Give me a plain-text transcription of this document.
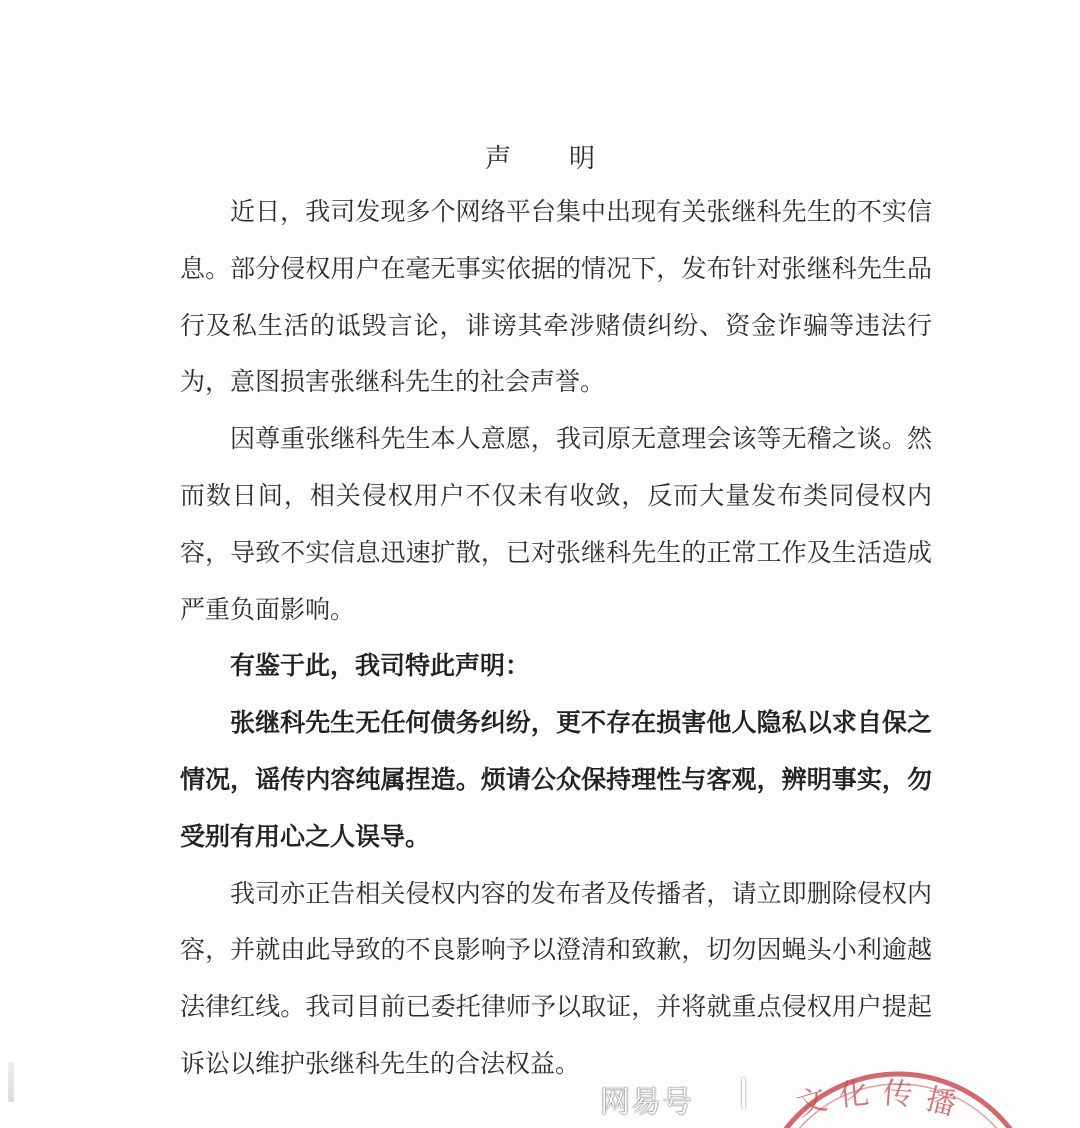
声 明

近日，我司发现多个网络平台集中出现有关张继科先生的不实信息。部分侵权用户在毫无事实依据的情况下，发布针对张继科先生品行及私生活的诋毁言论，诽谤其牵涉赌债纠纷、资金诈骗等违法行为，意图损害张继科先生的社会声誉。

因尊重张继科先生本人意愿，我司原无意理会该等无稽之谈。然而数日间，相关侵权用户不仅未有收敛，反而大量发布类同侵权内容，导致不实信息迅速扩散，已对张继科先生的正常工作及生活造成严重负面影响。

有鉴于此，我司特此声明：

张继科先生无任何债务纠纷，更不存在损害他人隐私以求自保之情况，谣传内容纯属捏造。烦请公众保持理性与客观，辨明事实，勿受别有用心之人误导。

我司亦正告相关侵权内容的发布者及传播者，请立即删除侵权内容，并就由此导致的不良影响予以澄清和致歉，切勿因蝇头小利逾越法律红线。我司目前已委托律师予以取证，并将就重点侵权用户提起诉讼以维护张继科先生的合法权益。

网易号	文 化 传 播
